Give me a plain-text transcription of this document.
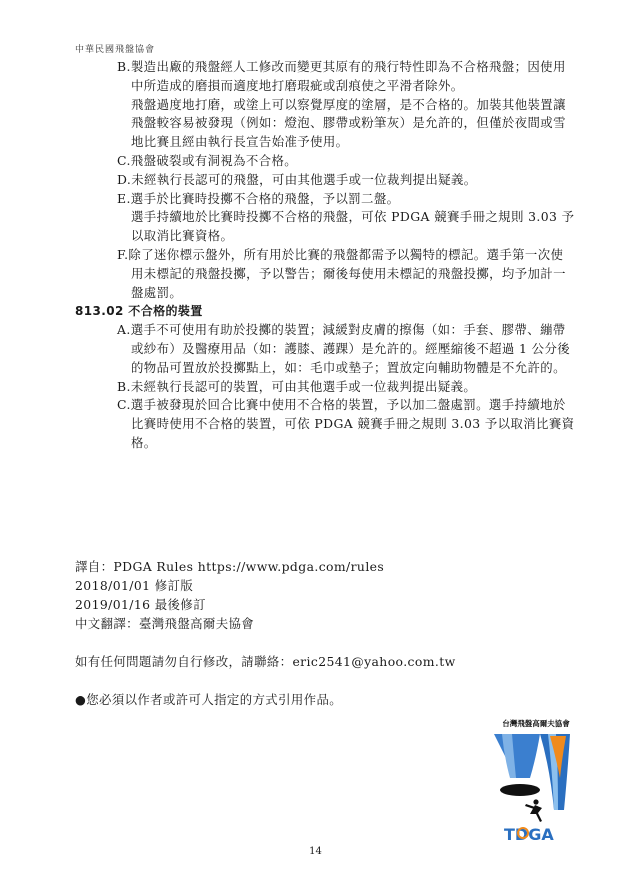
中華民國飛盤協會
B.製造出廠的飛盤經人工修改而變更其原有的飛行特性即為不合格飛盤；因使用中所造成的磨損而適度地打磨瑕疵或刮痕使之平滑者除外。
飛盤過度地打磨，或塗上可以察覺厚度的塗層，是不合格的。加裝其他裝置讓飛盤較容易被發現（例如：燈泡、膠帶或粉筆灰）是允許的，但僅於夜間或雪地比賽且經由執行長宣告始准予使用。
C.飛盤破裂或有洞視為不合格。
D.未經執行長認可的飛盤，可由其他選手或一位裁判提出疑義。
E.選手於比賽時投擲不合格的飛盤，予以罰二盤。
選手持續地於比賽時投擲不合格的飛盤，可依 PDGA 競賽手冊之規則 3.03 予以取消比賽資格。
F.除了迷你標示盤外，所有用於比賽的飛盤都需予以獨特的標記。選手第一次使用未標記的飛盤投擲，予以警告；爾後每使用未標記的飛盤投擲，均予加計一盤處罰。
813.02 不合格的裝置
A.選手不可使用有助於投擲的裝置；減緩對皮膚的擦傷（如：手套、膠帶、繃帶或紗布）及醫療用品（如：護膝、護踝）是允許的。經壓縮後不超過 1 公分後的物品可置放於投擲點上，如：毛巾或墊子；置放定向輔助物體是不允許的。
B.未經執行長認可的裝置，可由其他選手或一位裁判提出疑義。
C.選手被發現於回合比賽中使用不合格的裝置，予以加二盤處罰。選手持續地於比賽時使用不合格的裝置，可依 PDGA 競賽手冊之規則 3.03 予以取消比賽資格。
譯自：PDGA Rules https://www.pdga.com/rules
2018/01/01 修訂版
2019/01/16 最後修訂
中文翻譯：臺灣飛盤高爾夫協會
如有任何問題請勿自行修改，請聯絡：eric2541@yahoo.com.tw
●您必須以作者或許可人指定的方式引用作品。
台灣飛盤高爾夫協會
TDGA
14
